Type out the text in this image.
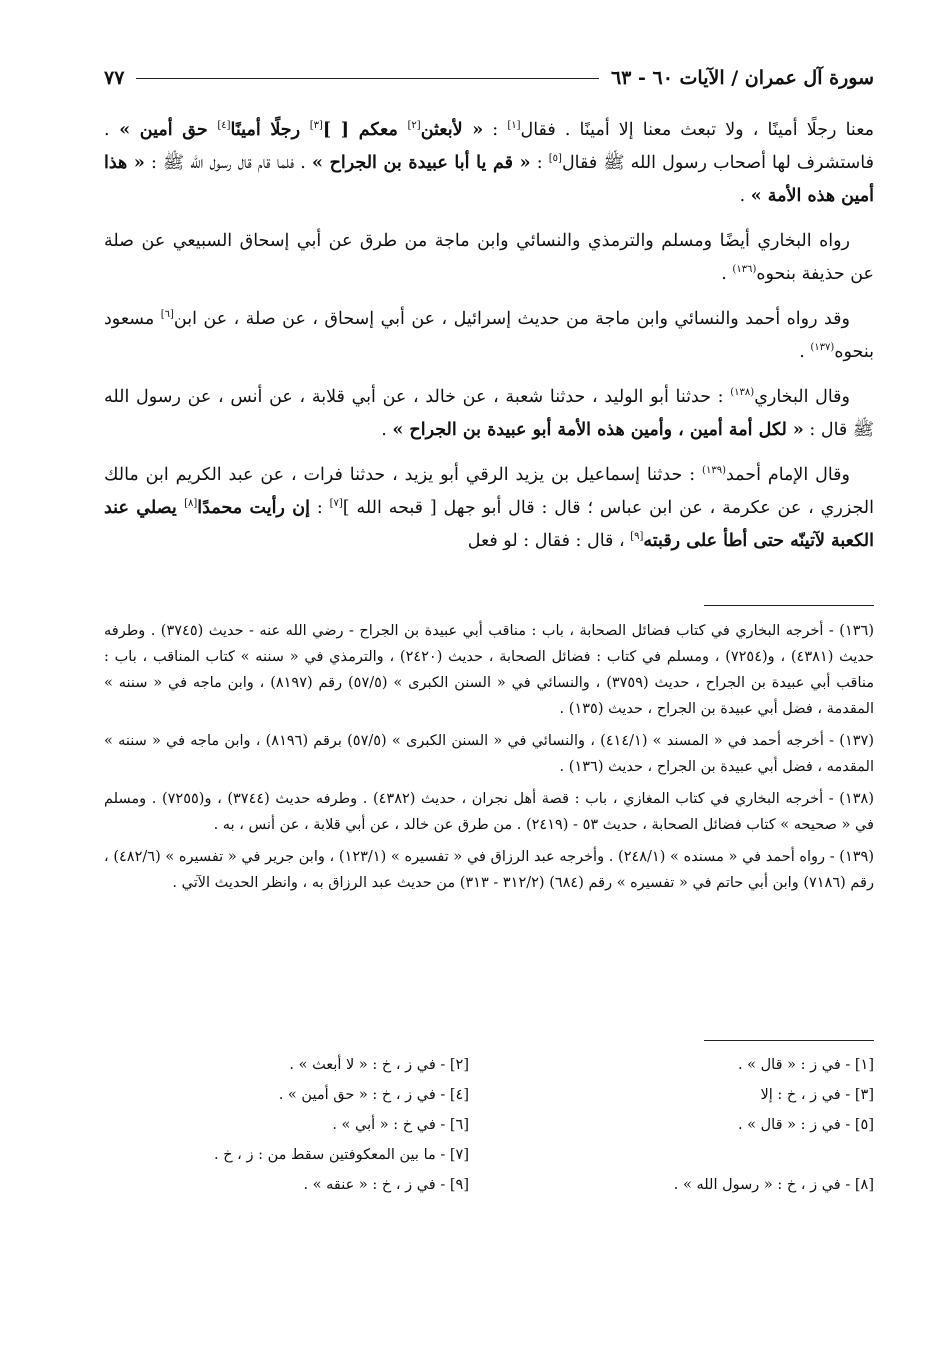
سورة آل عمران / الآيات ٦٠ - ٦٣
٧٧

معنا رجلًا أمينًا ، ولا تبعث معنا إلا أمينًا . فقال[١] : « لأبعثن[٢] معكم [ ][٣] رجلًا أمينًا[٤] حق أمين » . فاستشرف لها أصحاب رسول الله ﷺ فقال[٥] : « قم يا أبا عبيدة بن الجراح » . فلما قام قال رسول الله ﷺ : « هذا أمين هذه الأمة » .

رواه البخاري أيضًا ومسلم والترمذي والنسائي وابن ماجة من طرق عن أبي إسحاق السبيعي عن صلة عن حذيفة بنحوه$^{(١٣٦)}$ .

وقد رواه أحمد والنسائي وابن ماجة من حديث إسرائيل ، عن أبي إسحاق ، عن صلة ، عن ابن[٦] مسعود بنحوه$^{(١٣٧)}$ .

وقال البخاري$^{(١٣٨)}$ : حدثنا أبو الوليد ، حدثنا شعبة ، عن خالد ، عن أبي قلابة ، عن أنس ، عن رسول الله ﷺ قال : « لكل أمة أمين ، وأمين هذه الأمة أبو عبيدة بن الجراح » .

وقال الإمام أحمد$^{(١٣٩)}$ : حدثنا إسماعيل بن يزيد الرقي أبو يزيد ، حدثنا فرات ، عن عبد الكريم ابن مالك الجزري ، عن عكرمة ، عن ابن عباس ؛ قال : قال أبو جهل [ قبحه الله ][٧] : إن رأيت محمدًا[٨] يصلي عند الكعبة لآتينّه حتى أطأ على رقبته[٩] ، قال : فقال : لو فعل

(١٣٦) - أخرجه البخاري في كتاب فضائل الصحابة ، باب : مناقب أبي عبيدة بن الجراح - رضي الله عنه - حديث (٣٧٤٥) . وطرفه حديث (٤٣٨١) ، و(٧٢٥٤) ، ومسلم في كتاب : فضائل الصحابة ، حديث (٢٤٢٠) ، والترمذي في « سننه » كتاب المناقب ، باب : مناقب أبي عبيدة بن الجراح ، حديث (٣٧٥٩) ، والنسائي في « السنن الكبرى » (٥٧/٥) رقم (٨١٩٧) ، وابن ماجه في « سننه » المقدمة ، فضل أبي عبيدة بن الجراح ، حديث (١٣٥) .

(١٣٧) - أخرجه أحمد في « المسند » (٤١٤/١) ، والنسائي في « السنن الكبرى » (٥٧/٥) برقم (٨١٩٦) ، وابن ماجه في « سننه » المقدمه ، فضل أبي عبيدة بن الجراح ، حديث (١٣٦) .

(١٣٨) - أخرجه البخاري في كتاب المغازي ، باب : قصة أهل نجران ، حديث (٤٣٨٢) . وطرفه حديث (٣٧٤٤) ، و(٧٢٥٥) . ومسلم في « صحيحه » كتاب فضائل الصحابة ، حديث ٥٣ - (٢٤١٩) . من طرق عن خالد ، عن أبي قلابة ، عن أنس ، به .

(١٣٩) - رواه أحمد في « مسنده » (٢٤٨/١) . وأخرجه عبد الرزاق في « تفسيره » (١٢٣/١) ، وابن جرير في « تفسيره » (٤٨٢/٦) ، رقم (٧١٨٦) وابن أبي حاتم في « تفسيره » رقم (٦٨٤) (٣١٢/٢ - ٣١٣) من حديث عبد الرزاق به ، وانظر الحديث الآتي .

[١] - في ز : « قال » .
[٢] - في ز ، خ : « لا أبعث » .
[٣] - في ز ، خ : إلا
[٤] - في ز ، خ : « حق أمين » .
[٥] - في ز : « قال » .
[٦] - في خ : « أبي » .
[٧] - ما بين المعكوفتين سقط من : ز ، خ .
[٨] - في ز ، خ : « رسول الله » .
[٩] - في ز ، خ : « عنقه » .
